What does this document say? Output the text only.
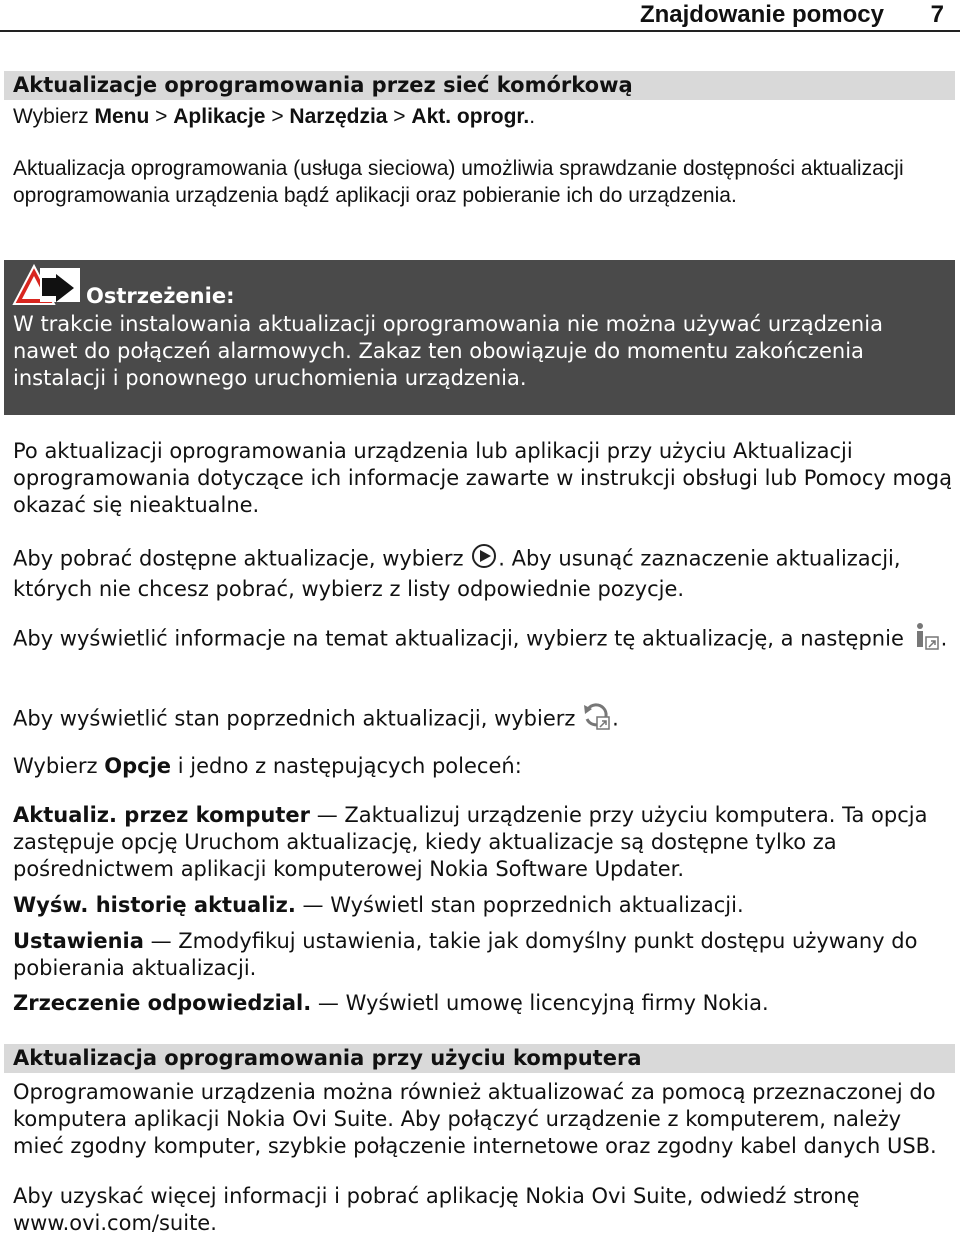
Znajdowanie pomocy 7
Aktualizacje oprogramowania przez sieć komórkową
Wybierz Menu > Aplikacje > Narzędzia > Akt. oprogr..
Aktualizacja oprogramowania (usługa sieciowa) umożliwia sprawdzanie dostępności aktualizacji oprogramowania urządzenia bądź aplikacji oraz pobieranie ich do urządzenia.
Ostrzeżenie:
W trakcie instalowania aktualizacji oprogramowania nie można używać urządzenia nawet do połączeń alarmowych. Zakaz ten obowiązuje do momentu zakończenia instalacji i ponownego uruchomienia urządzenia.
Po aktualizacji oprogramowania urządzenia lub aplikacji przy użyciu Aktualizacji oprogramowania dotyczące ich informacje zawarte w instrukcji obsługi lub Pomocy mogą okazać się nieaktualne.
Aby pobrać dostępne aktualizacje, wybierz . Aby usunąć zaznaczenie aktualizacji, których nie chcesz pobrać, wybierz z listy odpowiednie pozycje.
Aby wyświetlić informacje na temat aktualizacji, wybierz tę aktualizację, a następnie .
Aby wyświetlić stan poprzednich aktualizacji, wybierz .
Wybierz Opcje i jedno z następujących poleceń:
Aktualiz. przez komputer — Zaktualizuj urządzenie przy użyciu komputera. Ta opcja zastępuje opcję Uruchom aktualizację, kiedy aktualizacje są dostępne tylko za pośrednictwem aplikacji komputerowej Nokia Software Updater.
Wyśw. historię aktualiz. — Wyświetl stan poprzednich aktualizacji.
Ustawienia — Zmodyfikuj ustawienia, takie jak domyślny punkt dostępu używany do pobierania aktualizacji.
Zrzeczenie odpowiedzial. — Wyświetl umowę licencyjną firmy Nokia.
Aktualizacja oprogramowania przy użyciu komputera
Oprogramowanie urządzenia można również aktualizować za pomocą przeznaczonej do komputera aplikacji Nokia Ovi Suite. Aby połączyć urządzenie z komputerem, należy mieć zgodny komputer, szybkie połączenie internetowe oraz zgodny kabel danych USB.
Aby uzyskać więcej informacji i pobrać aplikację Nokia Ovi Suite, odwiedź stronę www.ovi.com/suite.
